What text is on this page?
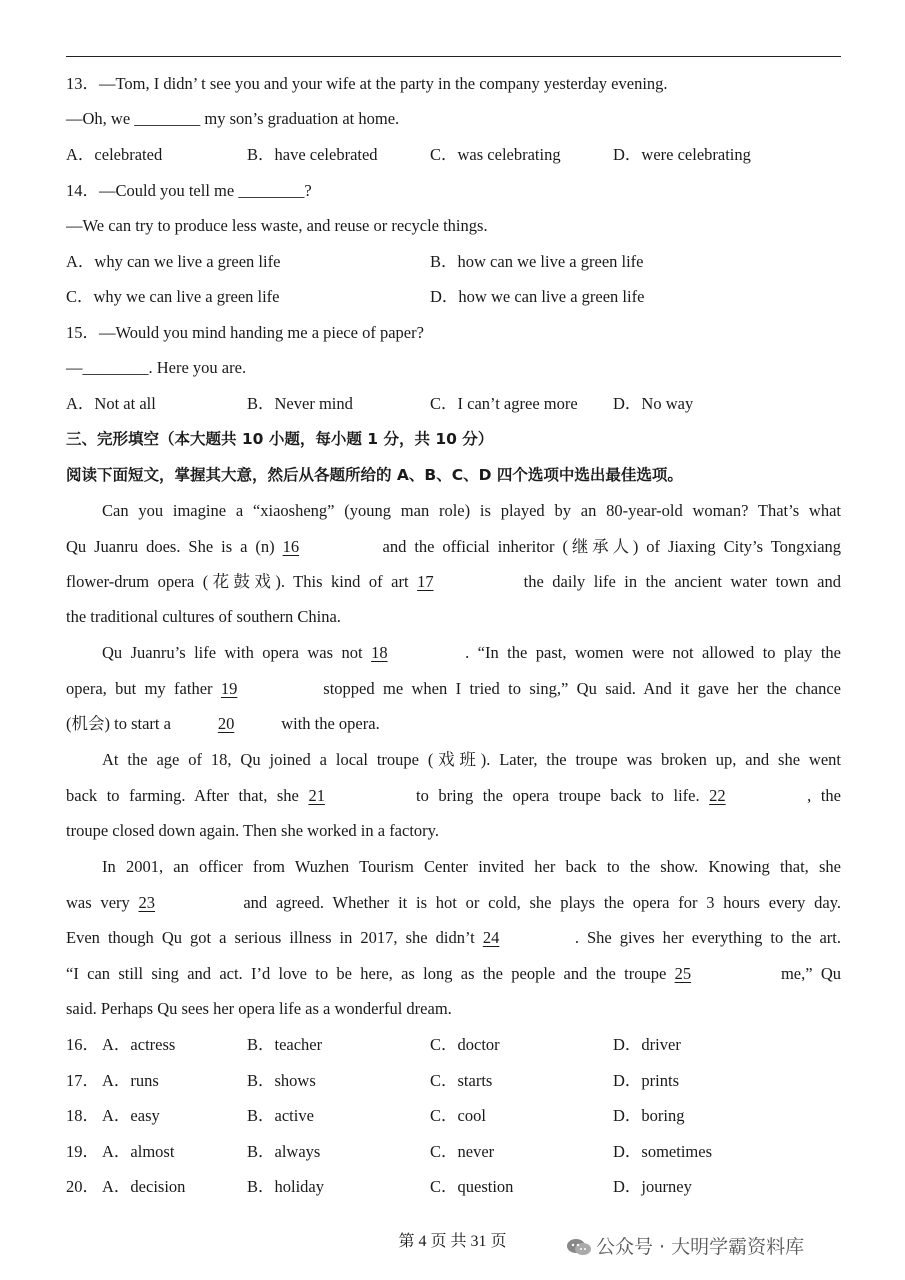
13．—Tom, I didn’ t see you and your wife at the party in the company yesterday evening.
—Oh, we ________ my son’s graduation at home.
A．celebrated	B．have celebrated	C．was celebrating	D．were celebrating
14．—Could you tell me ________?
—We can try to produce less waste, and reuse or recycle things.
A．why can we live a green life	B．how can we live a green life
C．why we can live a green life	D．how we can live a green life
15．—Would you mind handing me a piece of paper?
—________. Here you are.
A．Not at all	B．Never mind	C．I can’t agree more D．No way
三、完形填空（本大题共 10 小题，每小题 1 分，共 10 分）
阅读下面短文，掌握其大意，然后从各题所给的 A、B、C、D 四个选项中选出最佳选项。
Can you imagine a “xiaosheng” (young man role) is played by an 80-year-old woman? That’s what
Qu Juanru does. She is a (n) 16	and the official inheritor (继承人) of Jiaxing City’s Tongxiang
flower-drum opera (花鼓戏). This kind of art 17	the daily life in the ancient water town and
the traditional cultures of southern China.
Qu Juanru’s life with opera was not 18	. “In the past, women were not allowed to play the
opera, but my father 19	stopped me when I tried to sing,” Qu said. And it gave her the chance
(机会) to start a	20	with the opera.
At the age of 18, Qu joined a local troupe (戏班). Later, the troupe was broken up, and she went
back to farming. After that, she 21	to bring the opera troupe back to life. 22	, the
troupe closed down again. Then she worked in a factory.
In 2001, an officer from Wuzhen Tourism Center invited her back to the show. Knowing that, she
was very 23	and agreed. Whether it is hot or cold, she plays the opera for 3 hours every day.
Even though Qu got a serious illness in 2017, she didn’t 24	. She gives her everything to the art.
“I can still sing and act. I’d love to be here, as long as the people and the troupe 25	me,” Qu
said. Perhaps Qu sees her opera life as a wonderful dream.
16． A．actress	B．teacher	C．doctor	D．driver
17． A．runs	B．shows	C．starts	D．prints
18． A．easy	B．active	C．cool	D．boring
19． A．almost	B．always	C．never	D．sometimes
20． A．decision	B．holiday	C．question	D．journey
第 4 页 共 31 页	公众号 · 大明学霸资料库
